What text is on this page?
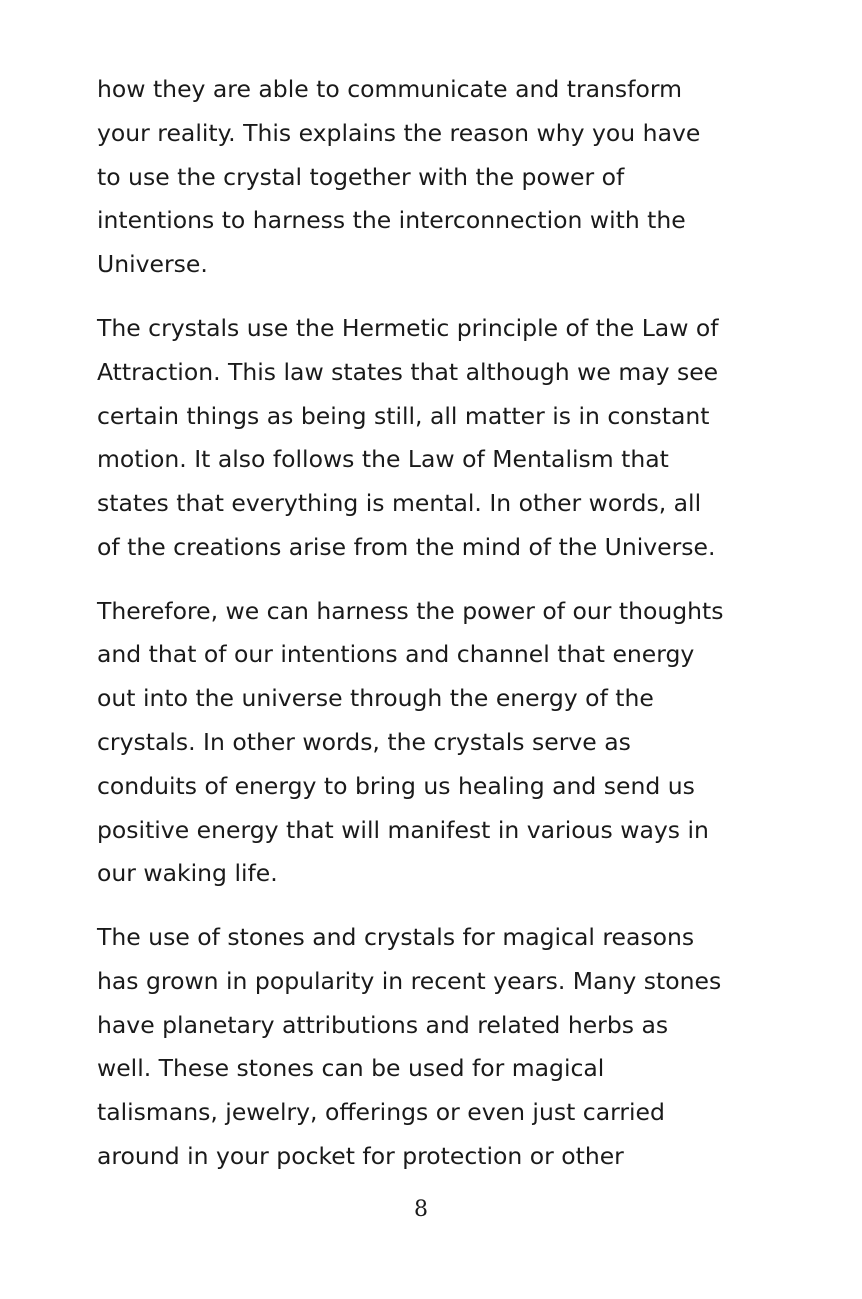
how they are able to communicate and transform

your reality. This explains the reason why you have

to use the crystal together with the power of

intentions to harness the interconnection with the

Universe.

The crystals use the Hermetic principle of the Law of

Attraction. This law states that although we may see

certain things as being still, all matter is in constant

motion. It also follows the Law of Mentalism that

states that everything is mental. In other words, all

of the creations arise from the mind of the Universe.

Therefore, we can harness the power of our thoughts

and that of our intentions and channel that energy

out into the universe through the energy of the

crystals. In other words, the crystals serve as

conduits of energy to bring us healing and send us

positive energy that will manifest in various ways in

our waking life.

The use of stones and crystals for magical reasons

has grown in popularity in recent years. Many stones

have planetary attributions and related herbs as

well. These stones can be used for magical

talismans, jewelry, offerings or even just carried

around in your pocket for protection or other

8
